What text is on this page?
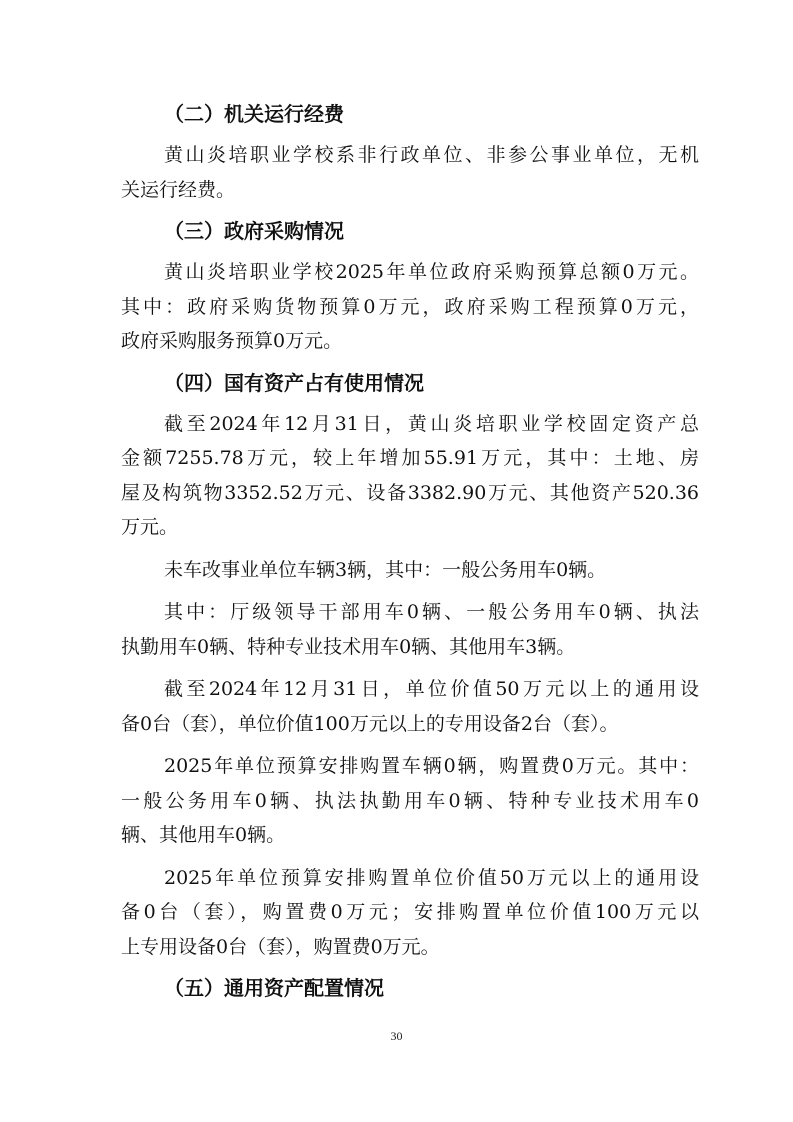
（二）机关运行经费
黄山炎培职业学校系非行政单位、非参公事业单位，无机
关运行经费。
（三）政府采购情况
黄山炎培职业学校2025年单位政府采购预算总额0万元。
其中：政府采购货物预算0万元，政府采购工程预算0万元，
政府采购服务预算0万元。
（四）国有资产占有使用情况
截至2024年12月31日，黄山炎培职业学校固定资产总
金额7255.78万元，较上年增加55.91万元，其中：土地、房
屋及构筑物3352.52万元、设备3382.90万元、其他资产520.36
万元。
未车改事业单位车辆3辆，其中：一般公务用车0辆。
其中：厅级领导干部用车0辆、一般公务用车0辆、执法
执勤用车0辆、特种专业技术用车0辆、其他用车3辆。
截至2024年12月31日，单位价值50万元以上的通用设
备0台（套），单位价值100万元以上的专用设备2台（套）。
2025年单位预算安排购置车辆0辆，购置费0万元。其中：
一般公务用车0辆、执法执勤用车0辆、特种专业技术用车0
辆、其他用车0辆。
2025年单位预算安排购置单位价值50万元以上的通用设
备0台（套），购置费0万元；安排购置单位价值100万元以
上专用设备0台（套），购置费0万元。
（五）通用资产配置情况
30
